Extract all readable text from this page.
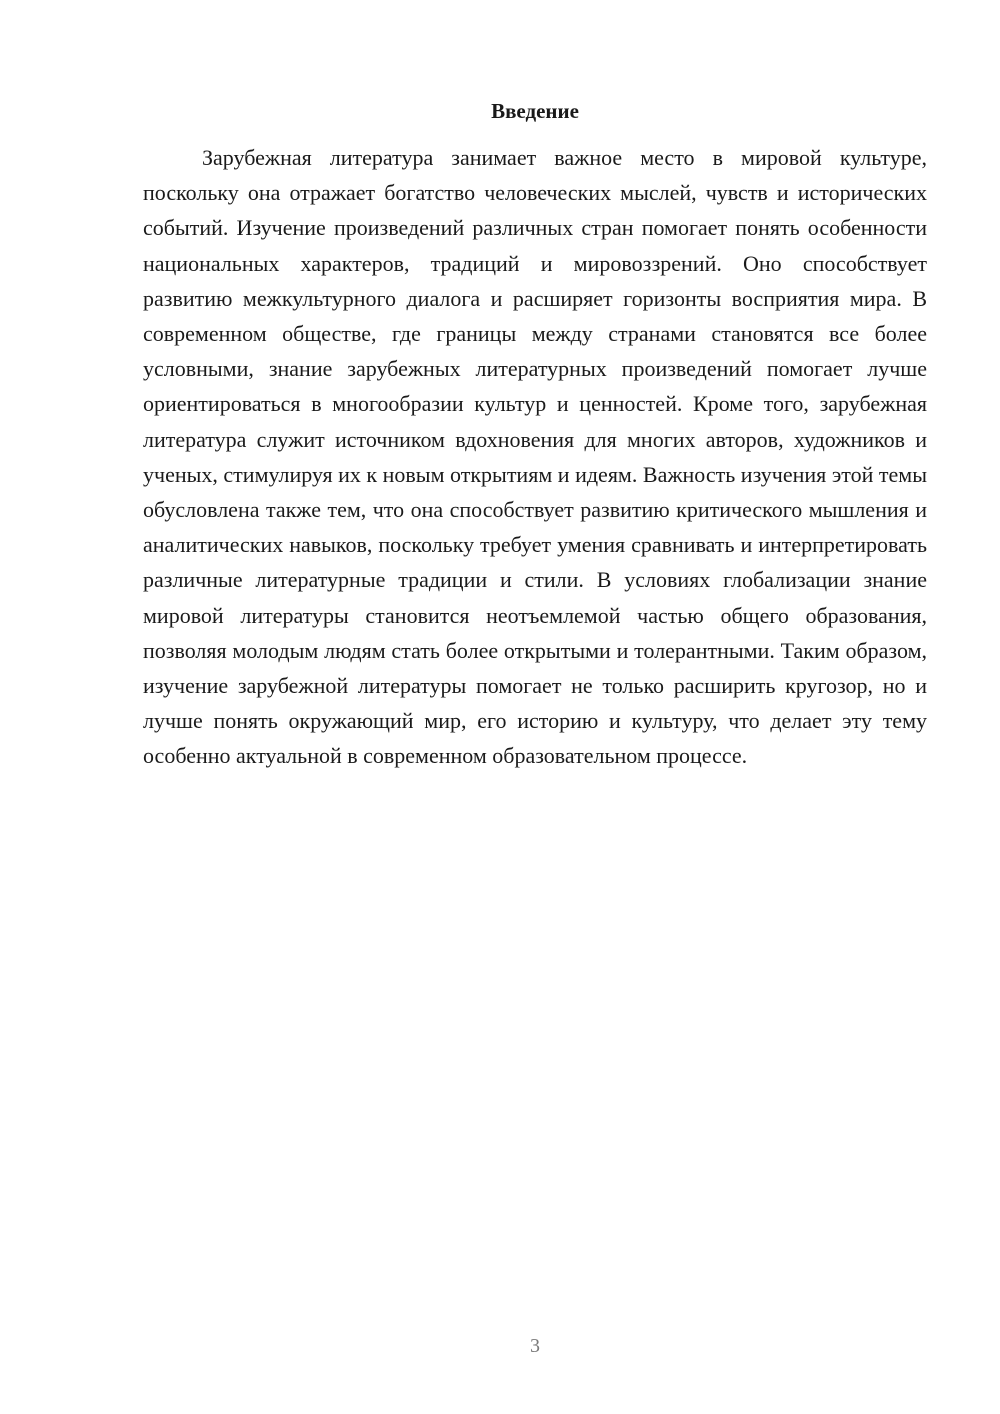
Введение

Зарубежная литература занимает важное место в мировой культуре, поскольку она отражает богатство человеческих мыслей, чувств и исторических событий. Изучение произведений различных стран помогает понять особенности национальных характеров, традиций и мировоззрений. Оно способствует развитию межкультурного диалога и расширяет горизонты восприятия мира. В современном обществе, где границы между странами становятся все более условными, знание зарубежных литературных произведений помогает лучше ориентироваться в многообразии культур и ценностей. Кроме того, зарубежная литература служит источником вдохновения для многих авторов, художников и ученых, стимулируя их к новым открытиям и идеям. Важность изучения этой темы обусловлена также тем, что она способствует развитию критического мышления и аналитических навыков, поскольку требует умения сравнивать и интерпретировать различные литературные традиции и стили. В условиях глобализации знание мировой литературы становится неотъемлемой частью общего образования, позволяя молодым людям стать более открытыми и толерантными. Таким образом, изучение зарубежной литературы помогает не только расширить кругозор, но и лучше понять окружающий мир, его историю и культуру, что делает эту тему особенно актуальной в современном образовательном процессе.

3
